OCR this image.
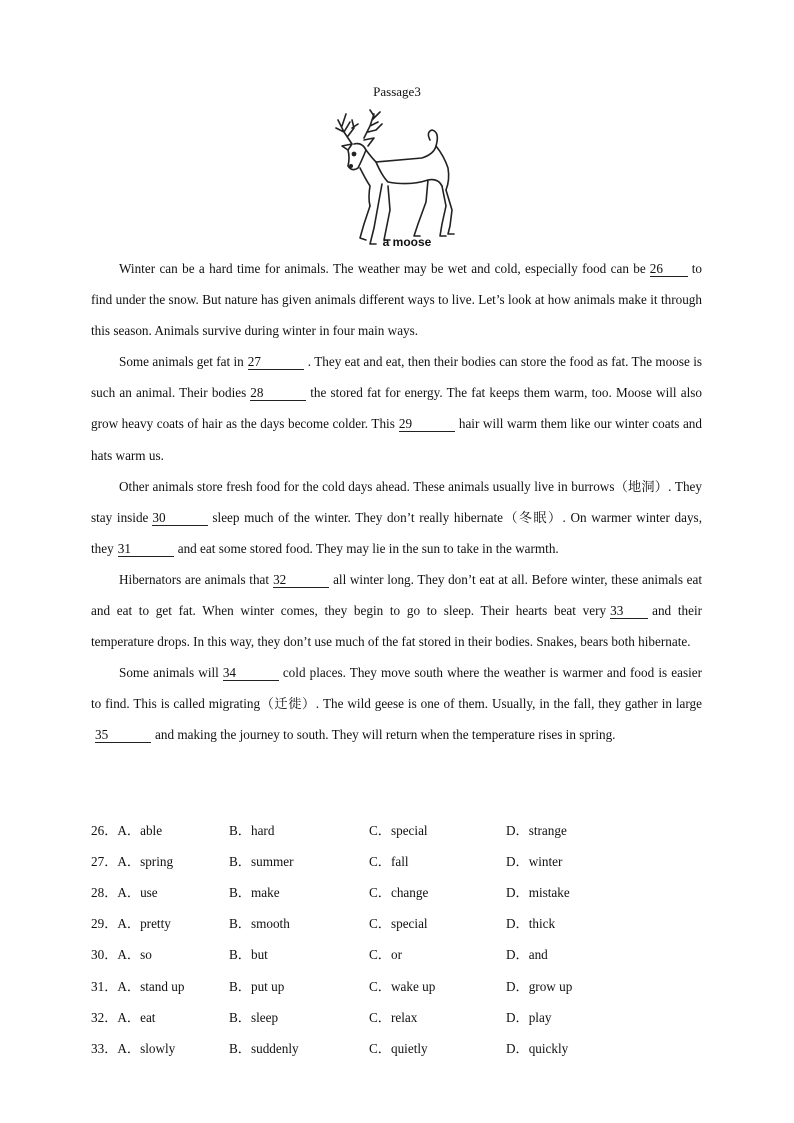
Passage3
a moose

Winter can be a hard time for animals. The weather may be wet and cold, especially food can be 26 to find under the snow. But nature has given animals different ways to live. Let’s look at how animals make it through this season. Animals survive during winter in four main ways.

Some animals get fat in 27	. They eat and eat, then their bodies can store the food as fat. The moose is such an animal. Their bodies 28	the stored fat for energy. The fat keeps them warm, too. Moose will also grow heavy coats of hair as the days become colder. This 29	hair will warm them like our winter coats and hats warm us.

Other animals store fresh food for the cold days ahead. These animals usually live in burrows（地洞）. They stay inside 30	sleep much of the winter. They don’t really hibernate（冬眠）. On warmer winter days, they 31	and eat some stored food. They may lie in the sun to take in the warmth.

Hibernators are animals that 32	all winter long. They don’t eat at all. Before winter, these animals eat and eat to get fat. When winter comes, they begin to go to sleep. Their hearts beat very 33 and their temperature drops. In this way, they don’t use much of the fat stored in their bodies. Snakes, bears both hibernate.

Some animals will 34	cold places. They move south where the weather is warmer and food is easier to find. This is called migrating（迁徙）. The wild geese is one of them. Usually, in the fall, they gather in large35	and making the journey to south. They will return when the temperature rises in spring.

26．A．able	B．hard	C．special	D．strange
27．A．spring	B．summer	C．fall	D．winter
28．A．use	B．make	C．change	D．mistake
29．A．pretty	B．smooth	C．special	D．thick
30．A．so	B．but	C．or	D．and
31．A．stand up	B．put up	C．wake up	D．grow up
32．A．eat	B．sleep	C．relax	D．play
33．A．slowly	B．suddenly	C．quietly	D．quickly
